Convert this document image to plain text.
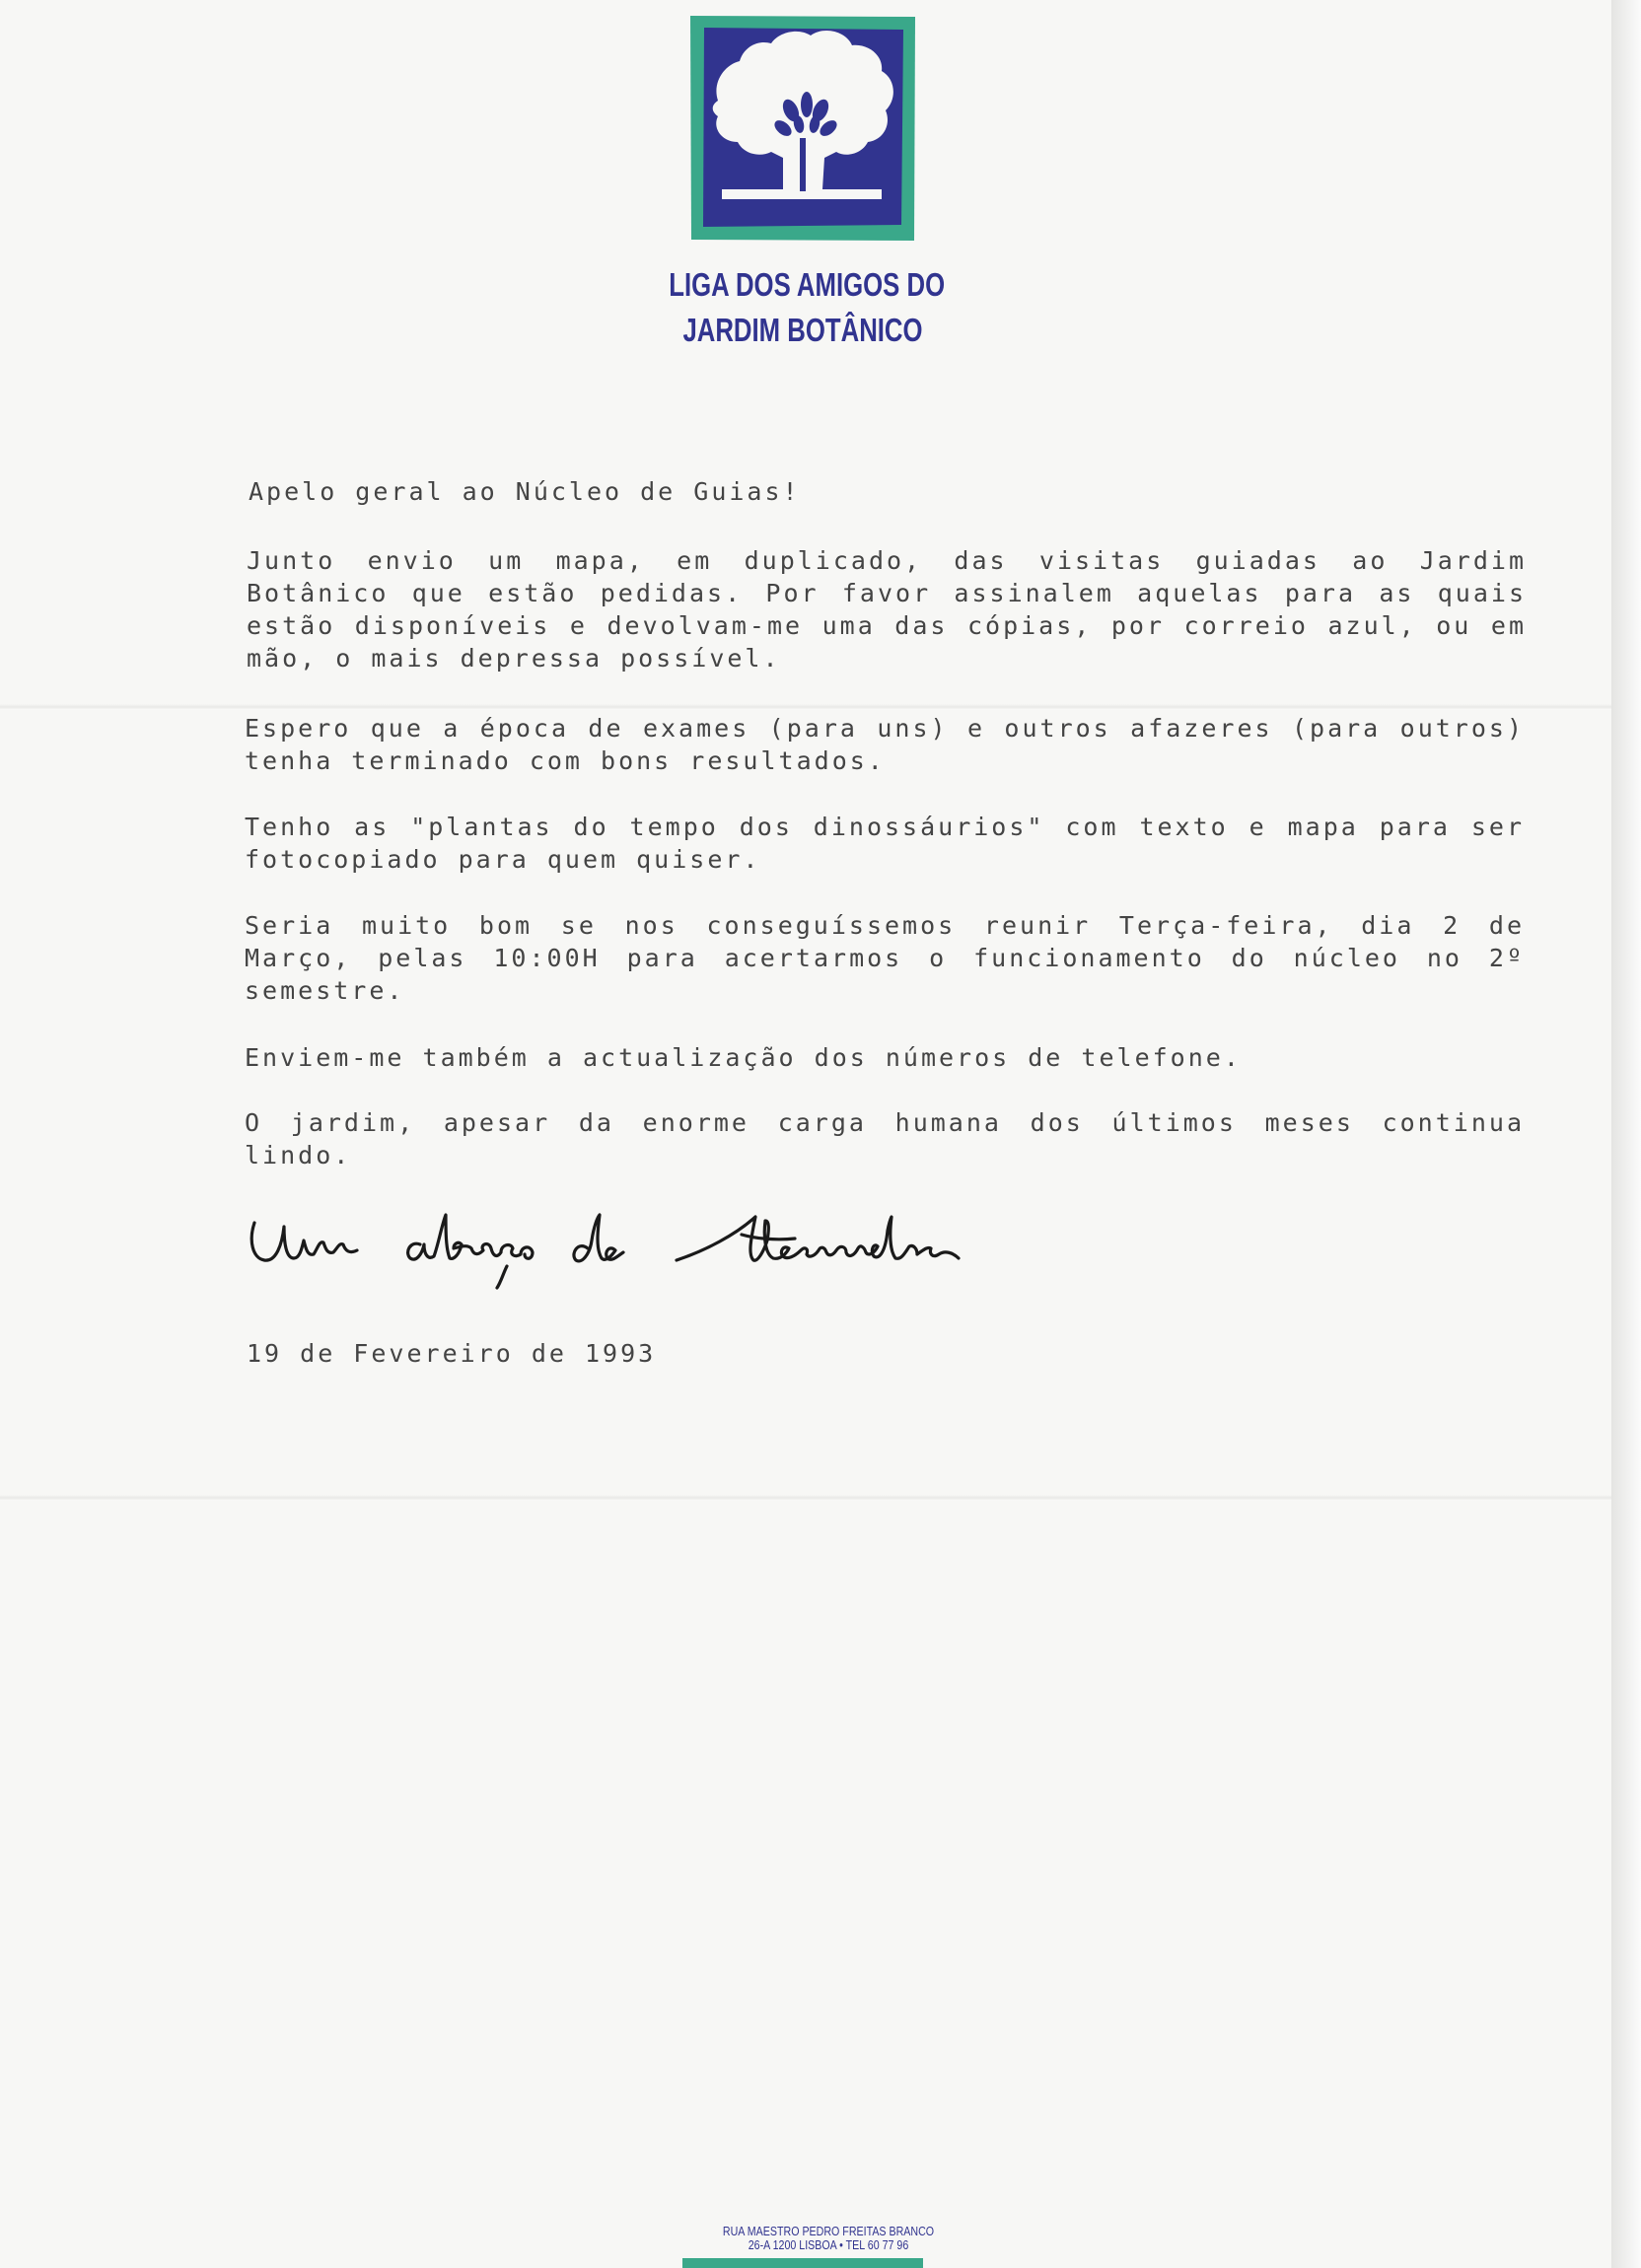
LIGA DOS AMIGOS DO
JARDIM BOTÂNICO

Apelo geral ao Núcleo de Guias!

Junto envio um mapa, em duplicado, das visitas guiadas ao Jardim Botânico que estão pedidas. Por favor assinalem aquelas para as quais estão disponíveis e devolvam-me uma das cópias, por correio azul, ou em mão, o mais depressa possível.

Espero que a época de exames (para uns) e outros afazeres (para outros) tenha terminado com bons resultados.

Tenho as "plantas do tempo dos dinossáurios" com texto e mapa para ser fotocopiado para quem quiser.

Seria muito bom se nos conseguíssemos reunir Terça-feira, dia 2 de Março, pelas 10:00H para acertarmos o funcionamento do núcleo no 2º semestre.

Enviem-me também a actualização dos números de telefone.

O jardim, apesar da enorme carga humana dos últimos meses continua lindo.

19 de Fevereiro de 1993
RUA MAESTRO PEDRO FREITAS BRANCO
26-A 1200 LISBOA • TEL 60 77 96
